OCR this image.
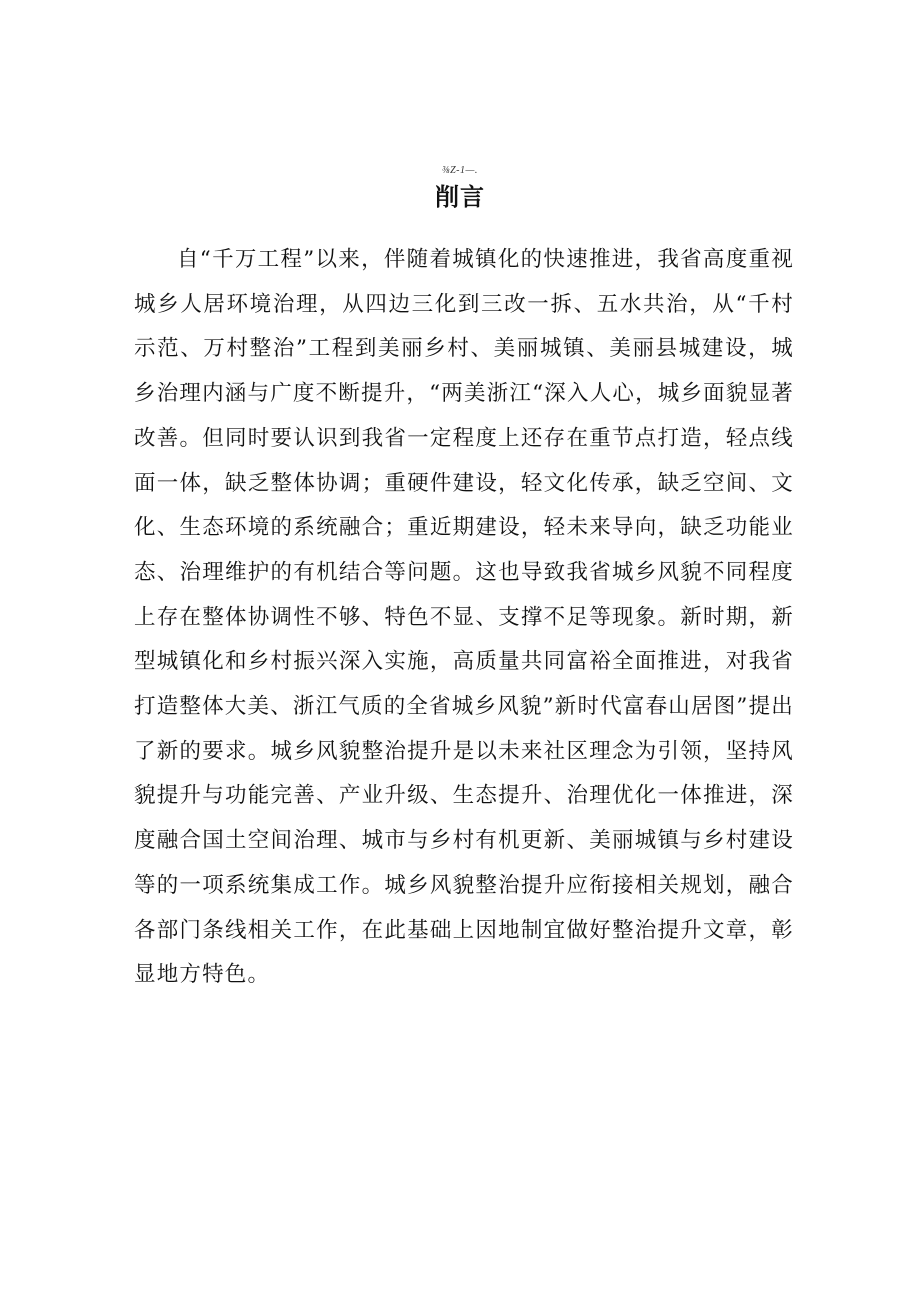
⅜Z-1—.
削言

自“千万工程”以来，伴随着城镇化的快速推进，我省高度重视城乡人居环境治理，从四边三化到三改一拆、五水共治，从“千村示范、万村整治”工程到美丽乡村、美丽城镇、美丽县城建设，城乡治理内涵与广度不断提升，“两美浙江“深入人心，城乡面貌显著改善。但同时要认识到我省一定程度上还存在重节点打造，轻点线面一体，缺乏整体协调；重硬件建设，轻文化传承，缺乏空间、文化、生态环境的系统融合；重近期建设，轻未来导向，缺乏功能业态、治理维护的有机结合等问题。这也导致我省城乡风貌不同程度上存在整体协调性不够、特色不显、支撑不足等现象。新时期，新型城镇化和乡村振兴深入实施，高质量共同富裕全面推进，对我省打造整体大美、浙江气质的全省城乡风貌”新时代富春山居图”提出了新的要求。城乡风貌整治提升是以未来社区理念为引领，坚持风貌提升与功能完善、产业升级、生态提升、治理优化一体推进，深度融合国土空间治理、城市与乡村有机更新、美丽城镇与乡村建设等的一项系统集成工作。城乡风貌整治提升应衔接相关规划，融合各部门条线相关工作，在此基础上因地制宜做好整治提升文章，彰显地方特色。
